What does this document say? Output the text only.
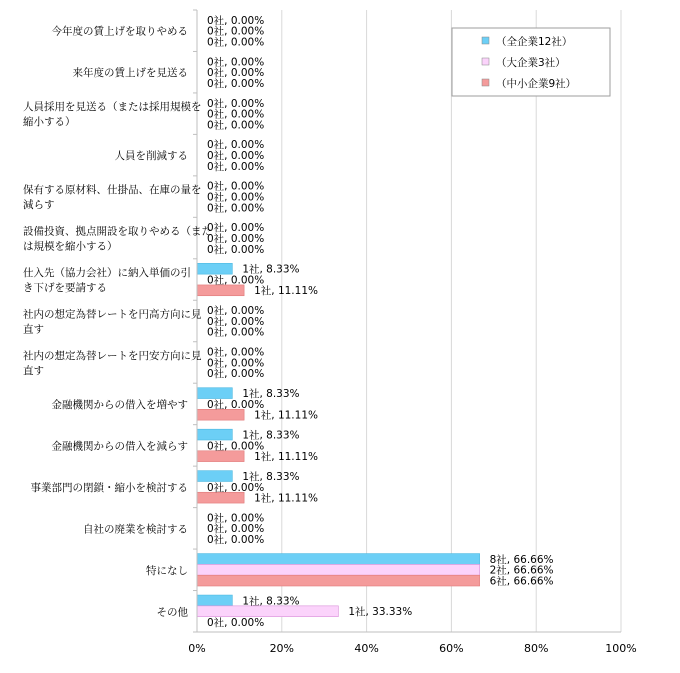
今年度の賃上げを取りやめる
来年度の賃上げを見送る
人員採用を見送る（または採用規模を縮小する）
人員を削減する
保有する原材料、仕掛品、在庫の量を減らす
設備投資、拠点開設を取りやめる（または規模を縮小する）
仕入先（協力会社）に納入単価の引き下げを要請する
社内の想定為替レートを円高方向に見直す
社内の想定為替レートを円安方向に見直す
金融機関からの借入を増やす
金融機関からの借入を減らす
事業部門の閉鎖・縮小を検討する
自社の廃業を検討する
特になし
その他
0社, 0.00%
0社, 0.00%
0社, 0.00%
0社, 0.00%
0社, 0.00%
0社, 0.00%
1社, 8.33%
0社, 0.00%
0社, 0.00%
1社, 8.33%
1社, 8.33%
1社, 8.33%
0社, 0.00%
8社, 66.66%
1社, 8.33%
0社, 0.00%
0社, 0.00%
0社, 0.00%
0社, 0.00%
0社, 0.00%
0社, 0.00%
0社, 0.00%
0社, 0.00%
0社, 0.00%
0社, 0.00%
0社, 0.00%
0社, 0.00%
0社, 0.00%
2社, 66.66%
1社, 33.33%
0社, 0.00%
0社, 0.00%
0社, 0.00%
0社, 0.00%
0社, 0.00%
0社, 0.00%
1社, 11.11%
0社, 0.00%
0社, 0.00%
1社, 11.11%
1社, 11.11%
1社, 11.11%
0社, 0.00%
6社, 66.66%
0社, 0.00%
0%	20%	40%	60%	80%	100%
（全企業12社）
（大企業3社）
（中小企業9社）
